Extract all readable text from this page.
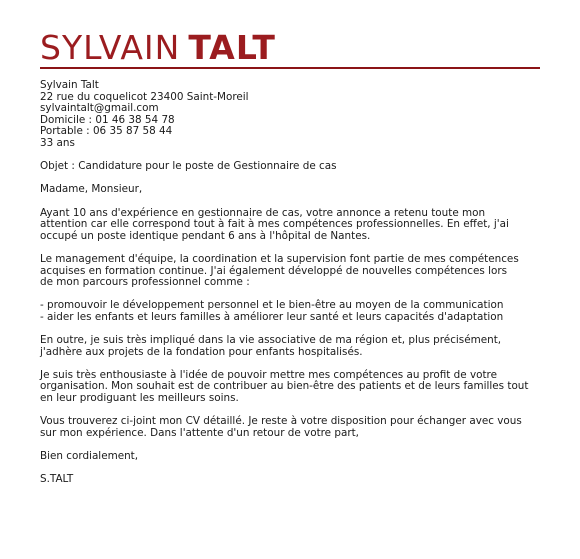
SYLVAIN TALT
Sylvain Talt
22 rue du coquelicot 23400 Saint-Moreil
sylvaintalt@gmail.com
Domicile : 01 46 38 54 78
Portable : 06 35 87 58 44
33 ans
Objet : Candidature pour le poste de Gestionnaire de cas
Madame, Monsieur,
Ayant 10 ans d'expérience en gestionnaire de cas, votre annonce a retenu toute mon
attention car elle correspond tout à fait à mes compétences professionnelles. En effet, j'ai
occupé un poste identique pendant 6 ans à l'hôpital de Nantes.
Le management d'équipe, la coordination et la supervision font partie de mes compétences
acquises en formation continue. J'ai également développé de nouvelles compétences lors
de mon parcours professionnel comme :
- promouvoir le développement personnel et le bien-être au moyen de la communication
- aider les enfants et leurs familles à améliorer leur santé et leurs capacités d'adaptation
En outre, je suis très impliqué dans la vie associative de ma région et, plus précisément,
j'adhère aux projets de la fondation pour enfants hospitalisés.
Je suis très enthousiaste à l'idée de pouvoir mettre mes compétences au profit de votre
organisation. Mon souhait est de contribuer au bien-être des patients et de leurs familles tout
en leur prodiguant les meilleurs soins.
Vous trouverez ci-joint mon CV détaillé. Je reste à votre disposition pour échanger avec vous
sur mon expérience. Dans l'attente d'un retour de votre part,
Bien cordialement,
S.TALT
